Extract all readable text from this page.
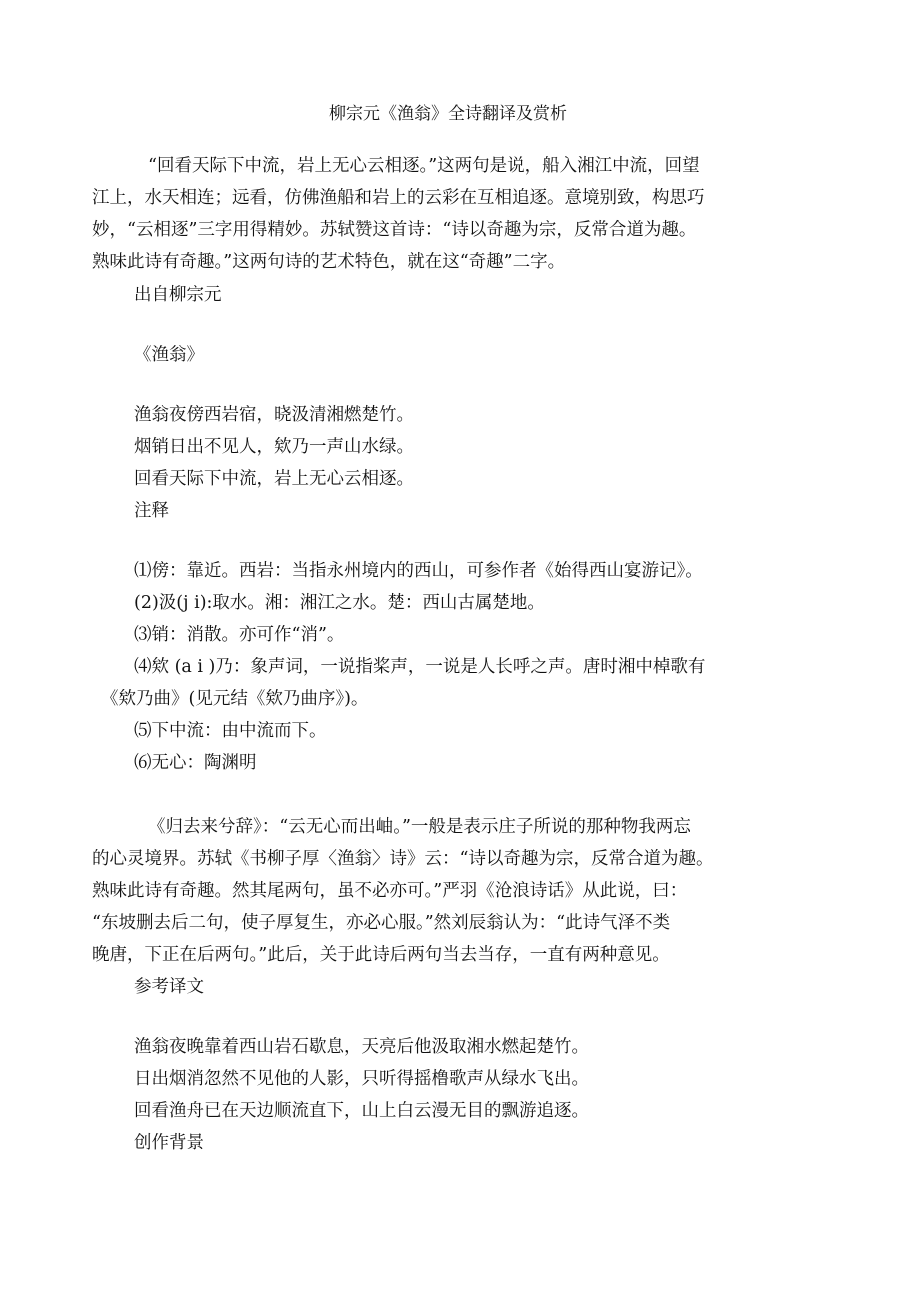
柳宗元《渔翁》全诗翻译及赏析
“回看天际下中流，岩上无心云相逐。”这两句是说，船入湘江中流，回望
江上，水天相连；远看，仿佛渔船和岩上的云彩在互相追逐。意境别致，构思巧
妙，“云相逐”三字用得精妙。苏轼赞这首诗：“诗以奇趣为宗，反常合道为趣。
熟味此诗有奇趣。”这两句诗的艺术特色，就在这“奇趣”二字。
出自柳宗元
《渔翁》
渔翁夜傍西岩宿，晓汲清湘燃楚竹。
烟销日出不见人，欸乃一声山水绿。
回看天际下中流，岩上无心云相逐。
注释
⑴傍：靠近。西岩：当指永州境内的西山，可参作者《始得西山宴游记》。
(2)汲(j i):取水。湘：湘江之水。楚：西山古属楚地。
⑶销：消散。亦可作“消”。
⑷欸 (a i )乃：象声词，一说指桨声，一说是人长呼之声。唐时湘中棹歌有
《欸乃曲》(见元结《欸乃曲序》)。
⑸下中流：由中流而下。
⑹无心：陶渊明
《归去来兮辞》：“云无心而出岫。”一般是表示庄子所说的那种物我两忘
的心灵境界。苏轼《书柳子厚〈渔翁〉诗》云：“诗以奇趣为宗，反常合道为趣。
熟味此诗有奇趣。然其尾两句，虽不必亦可。”严羽《沧浪诗话》从此说，曰：
“东坡删去后二句，使子厚复生，亦必心服。”然刘辰翁认为：“此诗气泽不类
晚唐，下正在后两句。”此后，关于此诗后两句当去当存，一直有两种意见。
参考译文
渔翁夜晚靠着西山岩石歇息，天亮后他汲取湘水燃起楚竹。
日出烟消忽然不见他的人影，只听得摇橹歌声从绿水飞出。
回看渔舟已在天边顺流直下，山上白云漫无目的飘游追逐。
创作背景
